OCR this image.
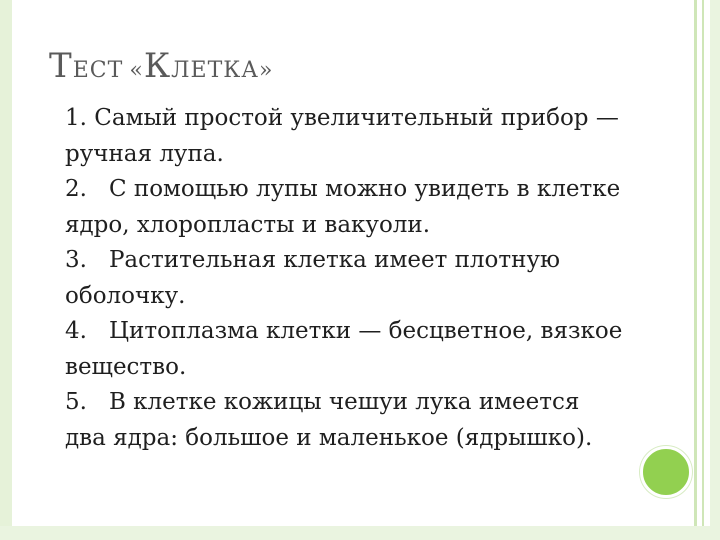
ТЕСТ «КЛЕТКА»
1. Самый простой увеличительный прибор —
ручная лупа.
2. С помощью лупы можно увидеть в клетке
ядро, хлоропласты и вакуоли.
3. Растительная клетка имеет плотную
оболочку.
4. Цитоплазма клетки — бесцветное, вязкое
вещество.
5. В клетке кожицы чешуи лука имеется
два ядра: большое и маленькое (ядрышко).
